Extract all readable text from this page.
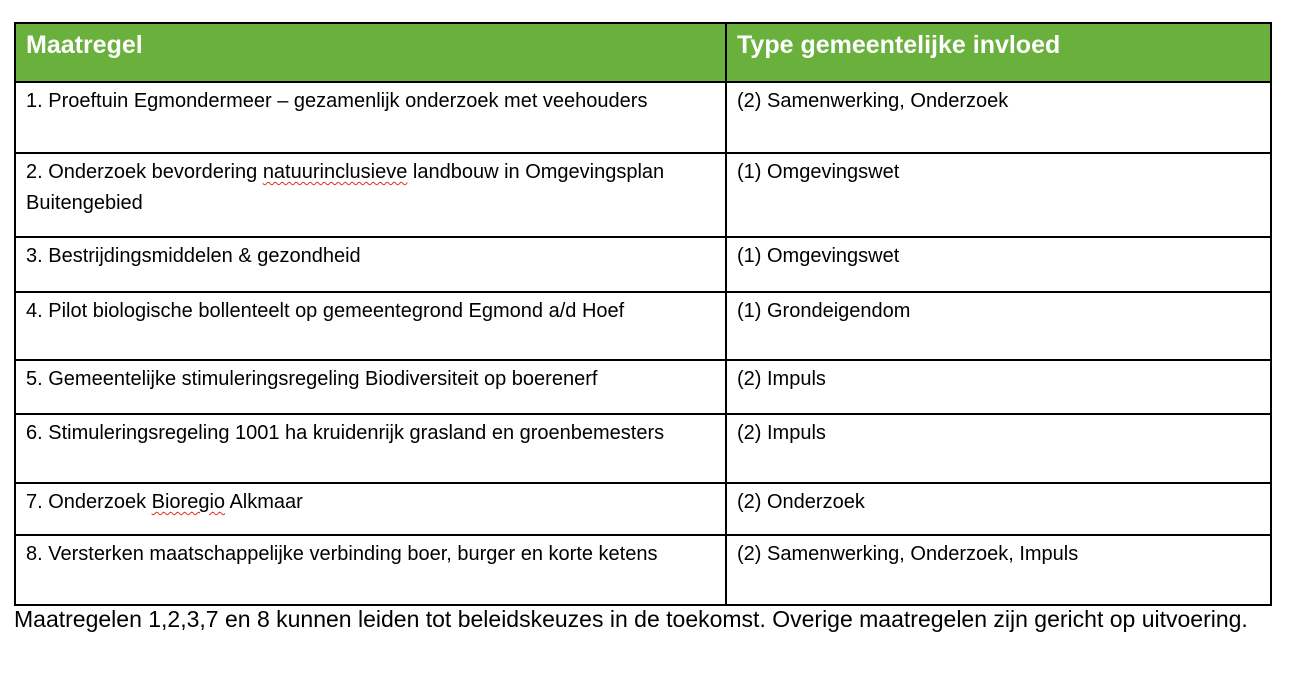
Maatregel	Type gemeentelijke invloed
1. Proeftuin Egmondermeer – gezamenlijk onderzoek met veehouders	(2) Samenwerking, Onderzoek
2. Onderzoek bevordering natuurinclusieve landbouw in Omgevingsplan Buitengebied	(1) Omgevingswet
3. Bestrijdingsmiddelen & gezondheid	(1) Omgevingswet
4. Pilot biologische bollenteelt op gemeentegrond Egmond a/d Hoef	(1) Grondeigendom
5. Gemeentelijke stimuleringsregeling Biodiversiteit op boerenerf	(2) Impuls
6. Stimuleringsregeling 1001 ha kruidenrijk grasland en groenbemesters	(2) Impuls
7. Onderzoek Bioregio Alkmaar	(2) Onderzoek
8. Versterken maatschappelijke verbinding boer, burger en korte ketens	(2) Samenwerking, Onderzoek, Impuls

Maatregelen 1,2,3,7 en 8 kunnen leiden tot beleidskeuzes in de toekomst. Overige maatregelen zijn gericht op uitvoering.
